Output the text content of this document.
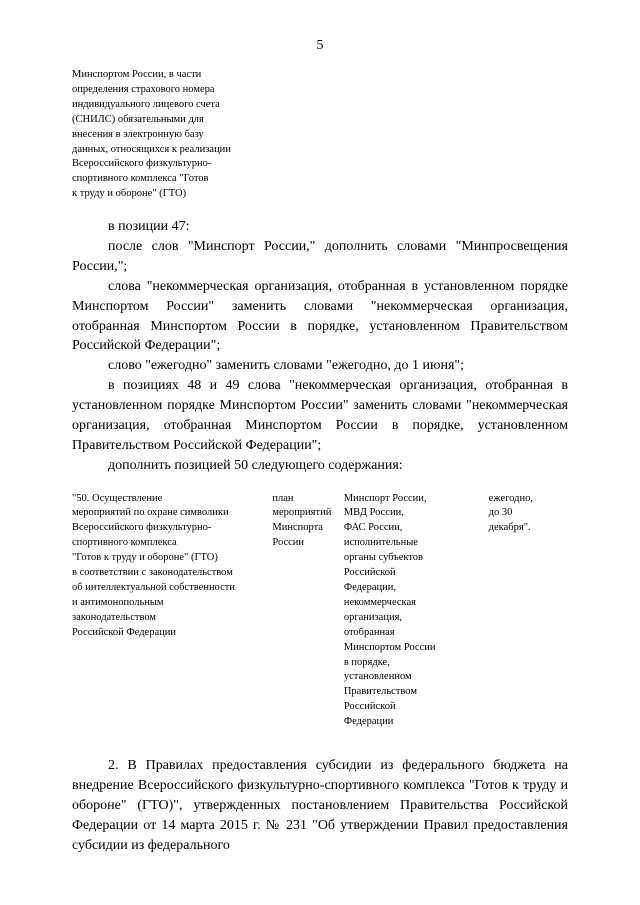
5
Минспортом России, в части
определения страхового номера
индивидуального лицевого счета
(СНИЛС) обязательными для
внесения в электронную базу
данных, относящихся к реализации
Всероссийского физкультурно-
спортивного комплекса "Готов
к труду и обороне" (ГТО)

в позиции 47:

после слов "Минспорт России," дополнить словами "Минпросвещения России,";

слова "некоммерческая организация, отобранная в установленном порядке Минспортом России" заменить словами "некоммерческая организация, отобранная Минспортом России в порядке, установленном Правительством Российской Федерации";

слово "ежегодно" заменить словами "ежегодно, до 1 июня";

в позициях 48 и 49 слова "некоммерческая организация, отобранная в установленном порядке Минспортом России" заменить словами "некоммерческая организация, отобранная Минспортом России в порядке, установленном Правительством Российской Федерации";

дополнить позицией 50 следующего содержания:

"50. Осуществление
мероприятий по охране символики
Всероссийского физкультурно-
спортивного комплекса
"Готов к труду и обороне" (ГТО)
в соответствии с законодательством
об интеллектуальной собственности
и антимонопольным
законодательством
Российской Федерации
план
мероприятий
Минспорта
России
Минспорт России,
МВД России,
ФАС России,
исполнительные
органы субъектов
Российской
Федерации,
некоммерческая
организация,
отобранная
Минспортом России
в порядке,
установленном
Правительством
Российской
Федерации
ежегодно,
до 30
декабря".

2. В Правилах предоставления субсидии из федерального бюджета на внедрение Всероссийского физкультурно-спортивного комплекса "Готов к труду и обороне" (ГТО)", утвержденных постановлением Правительства Российской Федерации от 14 марта 2015 г. № 231 "Об утверждении Правил предоставления субсидии из федерального
